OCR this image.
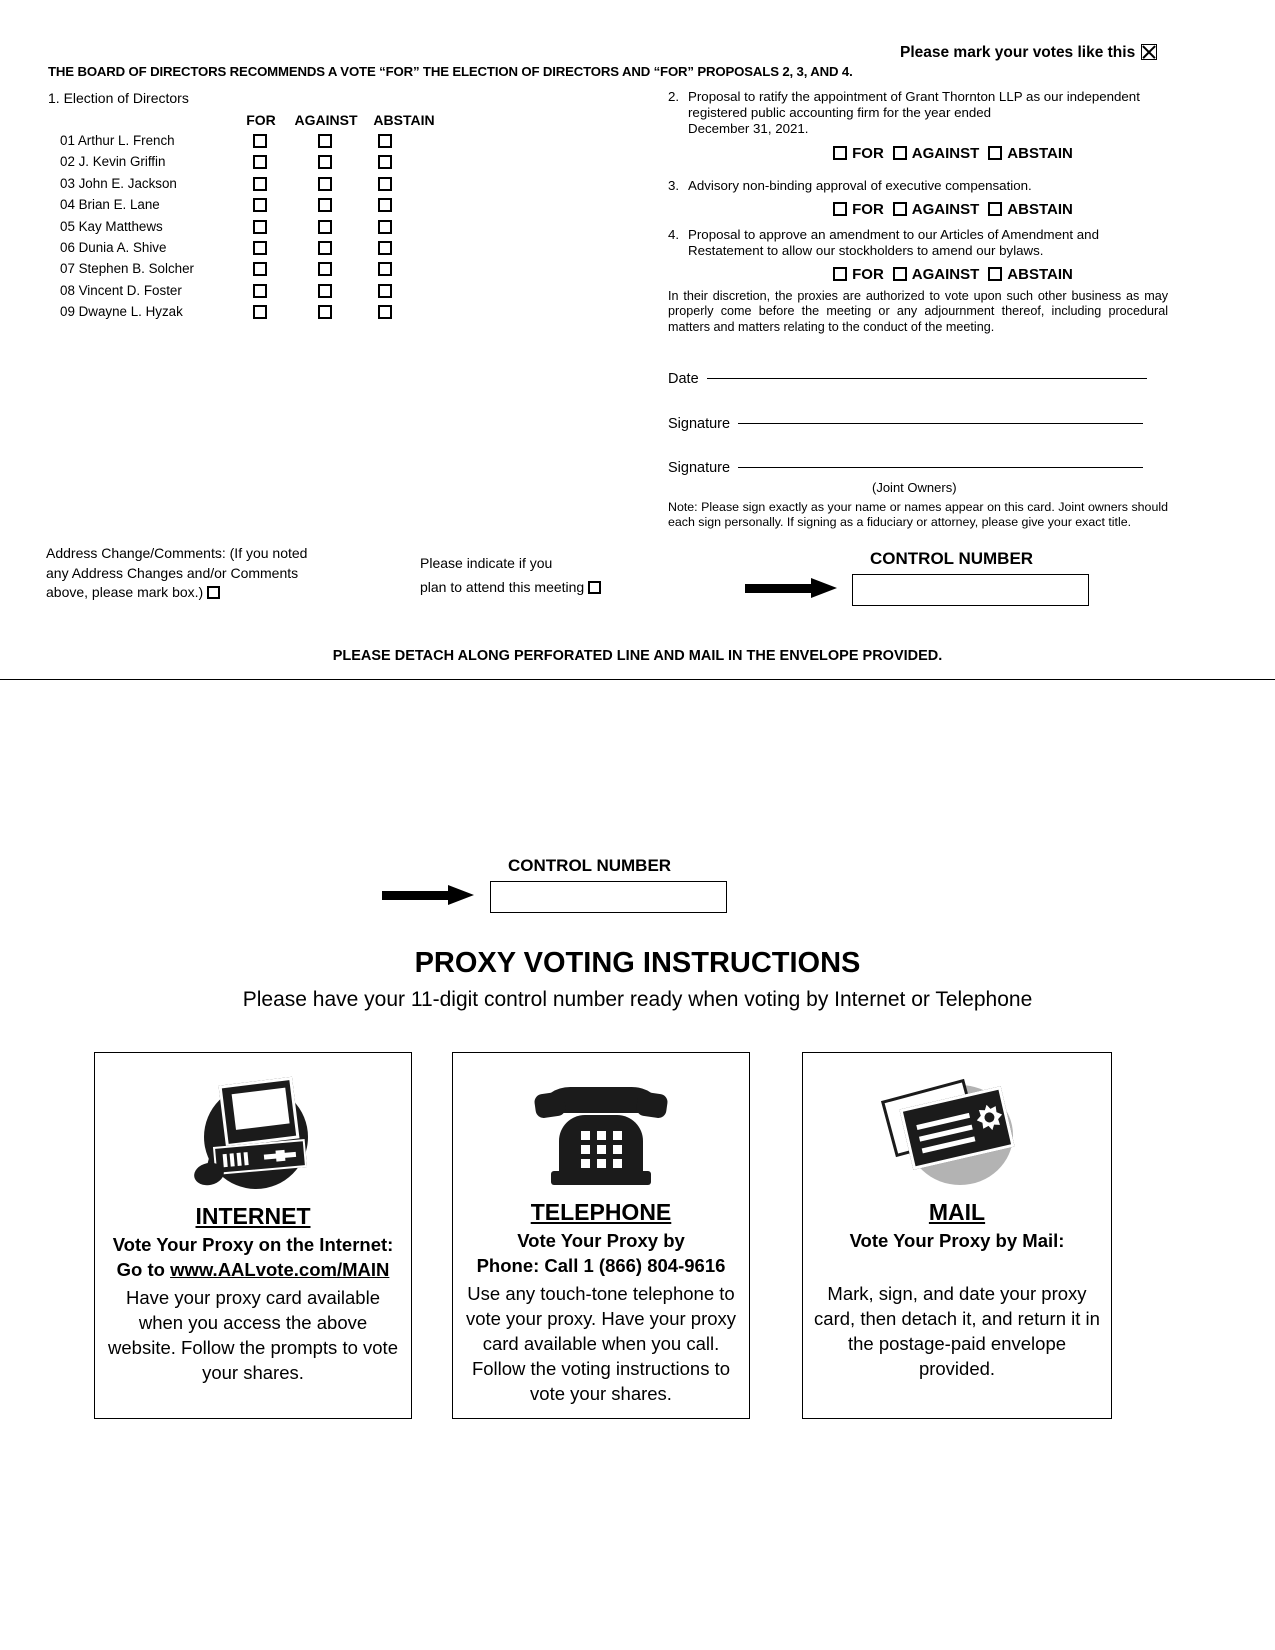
Please mark your votes like this
THE BOARD OF DIRECTORS RECOMMENDS A VOTE “FOR” THE ELECTION OF DIRECTORS AND “FOR” PROPOSALS 2, 3, AND 4.
1. Election of Directors
FOR AGAINST ABSTAIN
01 Arthur L. French
02 J. Kevin Griffin
03 John E. Jackson
04 Brian E. Lane
05 Kay Matthews
06 Dunia A. Shive
07 Stephen B. Solcher
08 Vincent D. Foster
09 Dwayne L. Hyzak
2. Proposal to ratify the appointment of Grant Thornton LLP as our independent
registered public accounting firm for the year ended
December 31, 2021.
FOR AGAINST ABSTAIN
3. Advisory non-binding approval of executive compensation.
FOR AGAINST ABSTAIN
4. Proposal to approve an amendment to our Articles of Amendment and
Restatement to allow our stockholders to amend our bylaws.
FOR AGAINST ABSTAIN
In their discretion, the proxies are authorized to vote upon such other business as may properly come before the meeting or any adjournment thereof, including procedural matters and matters relating to the conduct of the meeting.
Date
Signature
Signature
(Joint Owners)
Note: Please sign exactly as your name or names appear on this card. Joint owners should each sign personally. If signing as a fiduciary or attorney, please give your exact title.
Address Change/Comments: (If you noted
any Address Changes and/or Comments
above, please mark box.)
Please indicate if you
plan to attend this meeting
CONTROL NUMBER
PLEASE DETACH ALONG PERFORATED LINE AND MAIL IN THE ENVELOPE PROVIDED.
CONTROL NUMBER
PROXY VOTING INSTRUCTIONS
Please have your 11-digit control number ready when voting by Internet or Telephone
INTERNET
Vote Your Proxy on the Internet:
Go to www.AALvote.com/MAIN
Have your proxy card available when you access the above website. Follow the prompts to vote your shares.
TELEPHONE
Vote Your Proxy by
Phone: Call 1 (866) 804-9616
Use any touch-tone telephone to vote your proxy. Have your proxy card available when you call. Follow the voting instructions to vote your shares.
MAIL
Vote Your Proxy by Mail:
Mark, sign, and date your proxy card, then detach it, and return it in the postage-paid envelope provided.
